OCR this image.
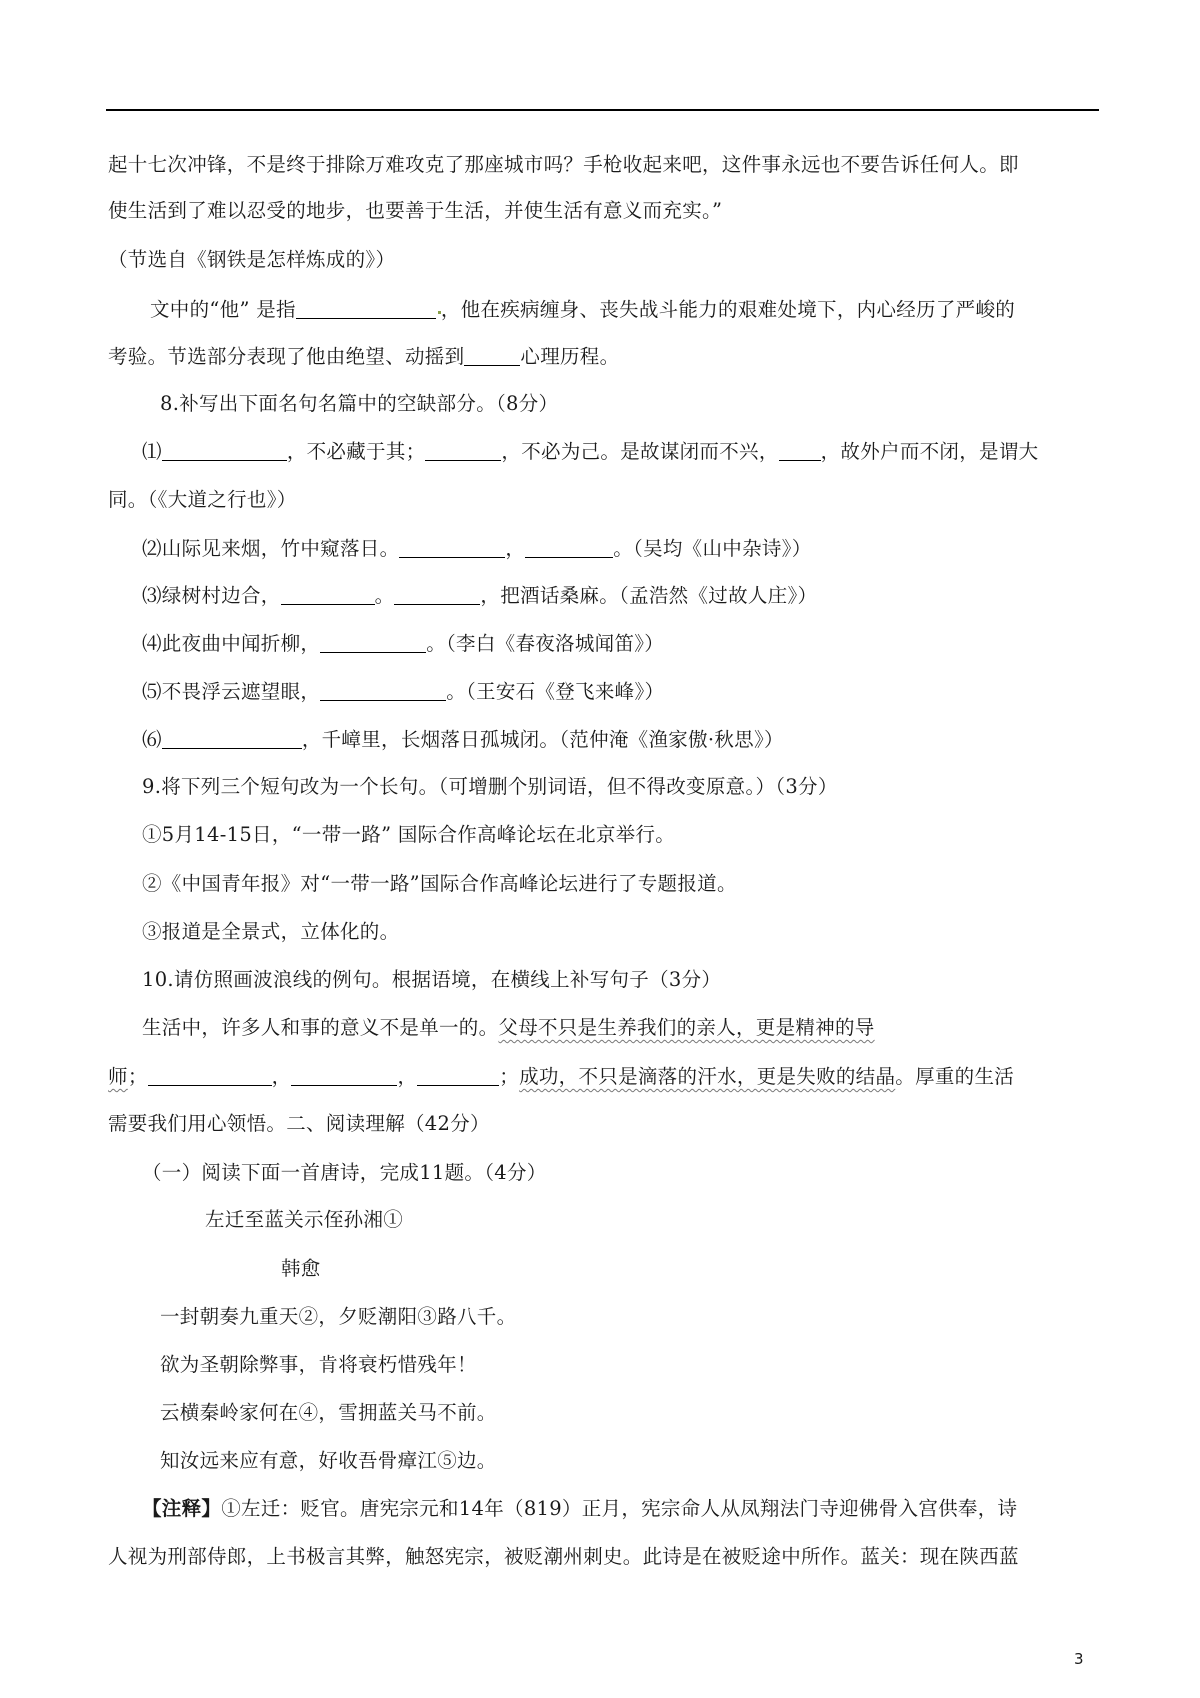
起十七次冲锋，不是终于排除万难攻克了那座城市吗？手枪收起来吧，这件事永远也不要告诉任何人。即
使生活到了难以忍受的地步，也要善于生活，并使生活有意义而充实。”
（节选自《钢铁是怎样炼成的》）
文中的“他” 是指	，他在疾病缠身、丧失战斗能力的艰难处境下，内心经历了严峻的
考验。节选部分表现了他由绝望、动摇到	心理历程。
8.补写出下面名句名篇中的空缺部分。（8分）
⑴	，不必藏于其；	，不必为己。是故谋闭而不兴， ，故外户而不闭，是谓大
同。（《大道之行也》）
⑵山际见来烟，竹中窥落日。	，	。（吴均《山中杂诗》）
⑶绿树村边合，	。	，把酒话桑麻。（孟浩然《过故人庄》）
⑷此夜曲中闻折柳，	。（李白《春夜洛城闻笛》）
⑸不畏浮云遮望眼，	。（王安石《登飞来峰》）
⑹	，千嶂里，长烟落日孤城闭。（范仲淹《渔家傲·秋思》）
9.将下列三个短句改为一个长句。（可增删个别词语，但不得改变原意。）（3分）
①5月14-15日，“一带一路” 国际合作高峰论坛在北京举行。
②《中国青年报》对“一带一路”国际合作高峰论坛进行了专题报道。
③报道是全景式，立体化的。
10.请仿照画波浪线的例句。根据语境，在横线上补写句子（3分）
生活中，许多人和事的意义不是单一的。父母不只是生养我们的亲人，更是精神的导
师；	，	，	；成功，不只是滴落的汗水，更是失败的结晶。厚重的生活
需要我们用心领悟。二、阅读理解（42分）
（一）阅读下面一首唐诗，完成11题。（4分）
左迁至蓝关示侄孙湘①
韩愈
一封朝奏九重天②，夕贬潮阳③路八千。
欲为圣朝除弊事，肯将衰朽惜残年！
云横秦岭家何在④，雪拥蓝关马不前。
知汝远来应有意，好收吾骨瘴江⑤边。
【注释】①左迁：贬官。唐宪宗元和14年（819）正月，宪宗命人从凤翔法门寺迎佛骨入宫供奉，诗
人视为刑部侍郎，上书极言其弊，触怒宪宗，被贬潮州刺史。此诗是在被贬途中所作。蓝关：现在陕西蓝
3
